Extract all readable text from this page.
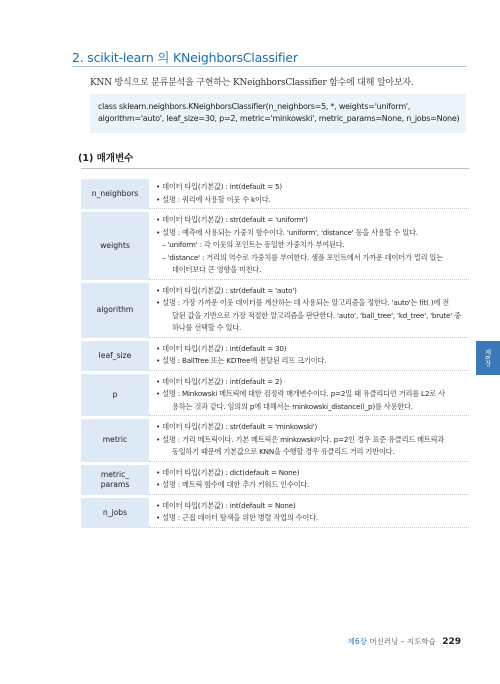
2. scikit-learn 의 KNeighborsClassifier
KNN 방식으로 분류분석을 구현하는 KNeighborsClassifier 함수에 대해 알아보자.
class skleam.neighbors.KNeighborsClassifier(n_neighbors=5, *, weights='uniform',
algorithm='auto', leaf_size=30, p=2, metric='minkowski', metric_params=None, n_jobs=None)
(1) 매개변수
n_neighbors	• 데이터 타입(기본값) : int(default = 5)
• 설명 : 쿼리에 사용할 이웃 수 k이다.

weights	• 데이터 타입(기본값) : str(default = 'uniform')
• 설명 : 예측에 사용되는 가중치 함수이다. 'uniform', 'distance' 등을 사용할 수 있다.
– 'uniform' : 각 이웃의 포인트는 동일한 가중치가 부여된다.
– 'distance' : 거리의 역수로 가중치를 부여한다. 샘플 포인트에서 가까운 데이터가 멀리 있는
데이터보다 큰 영향을 미친다.

algorithm	• 데이터 타입(기본값) : str(default = 'auto')
• 설명 : 가장 가까운 이웃 데이터를 계산하는 데 사용되는 알고리즘을 정한다. 'auto'는 fit( )에 전
달된 값을 기반으로 가장 적절한 알고리즘을 판단한다. 'auto', 'ball_tree', 'kd_tree', 'brute' 중
하나를 선택할 수 있다.

leaf_size	• 데이터 타입(기본값) : int(default = 30)
• 설명 : BallTree 또는 KDTree에 전달된 리프 크기이다.

p	• 데이터 타입(기본값) : int(default = 2)
• 설명 : Minkowski 메트릭에 대한 검정력 매개변수이다. p=2일 때 유클리디언 거리를 L2로 사
용하는 것과 같다. 임의의 p에 대해서는 minkowski_distance(l_p)를 사용한다.

metric	• 데이터 타입(기본값) : str(default = 'minkowski')
• 설명 : 거리 메트릭이다. 기본 메트릭은 minkowski이다. p=2인 경우 표준 유클리드 메트릭과
동일하기 때문에 기본값으로 KNN을 수행할 경우 유클리드 거리 기반이다.

metric_
params	• 데이터 타입(기본값) : dict(default = None)
• 설명 : 메트릭 함수에 대한 추가 키워드 인수이다.

n_jobs	• 데이터 타입(기본값) : int(default = None)
• 설명 : 근접 데이터 탐색을 위한 병렬 작업의 수이다.
제6장
제6장 머신러닝 – 지도학습 229
